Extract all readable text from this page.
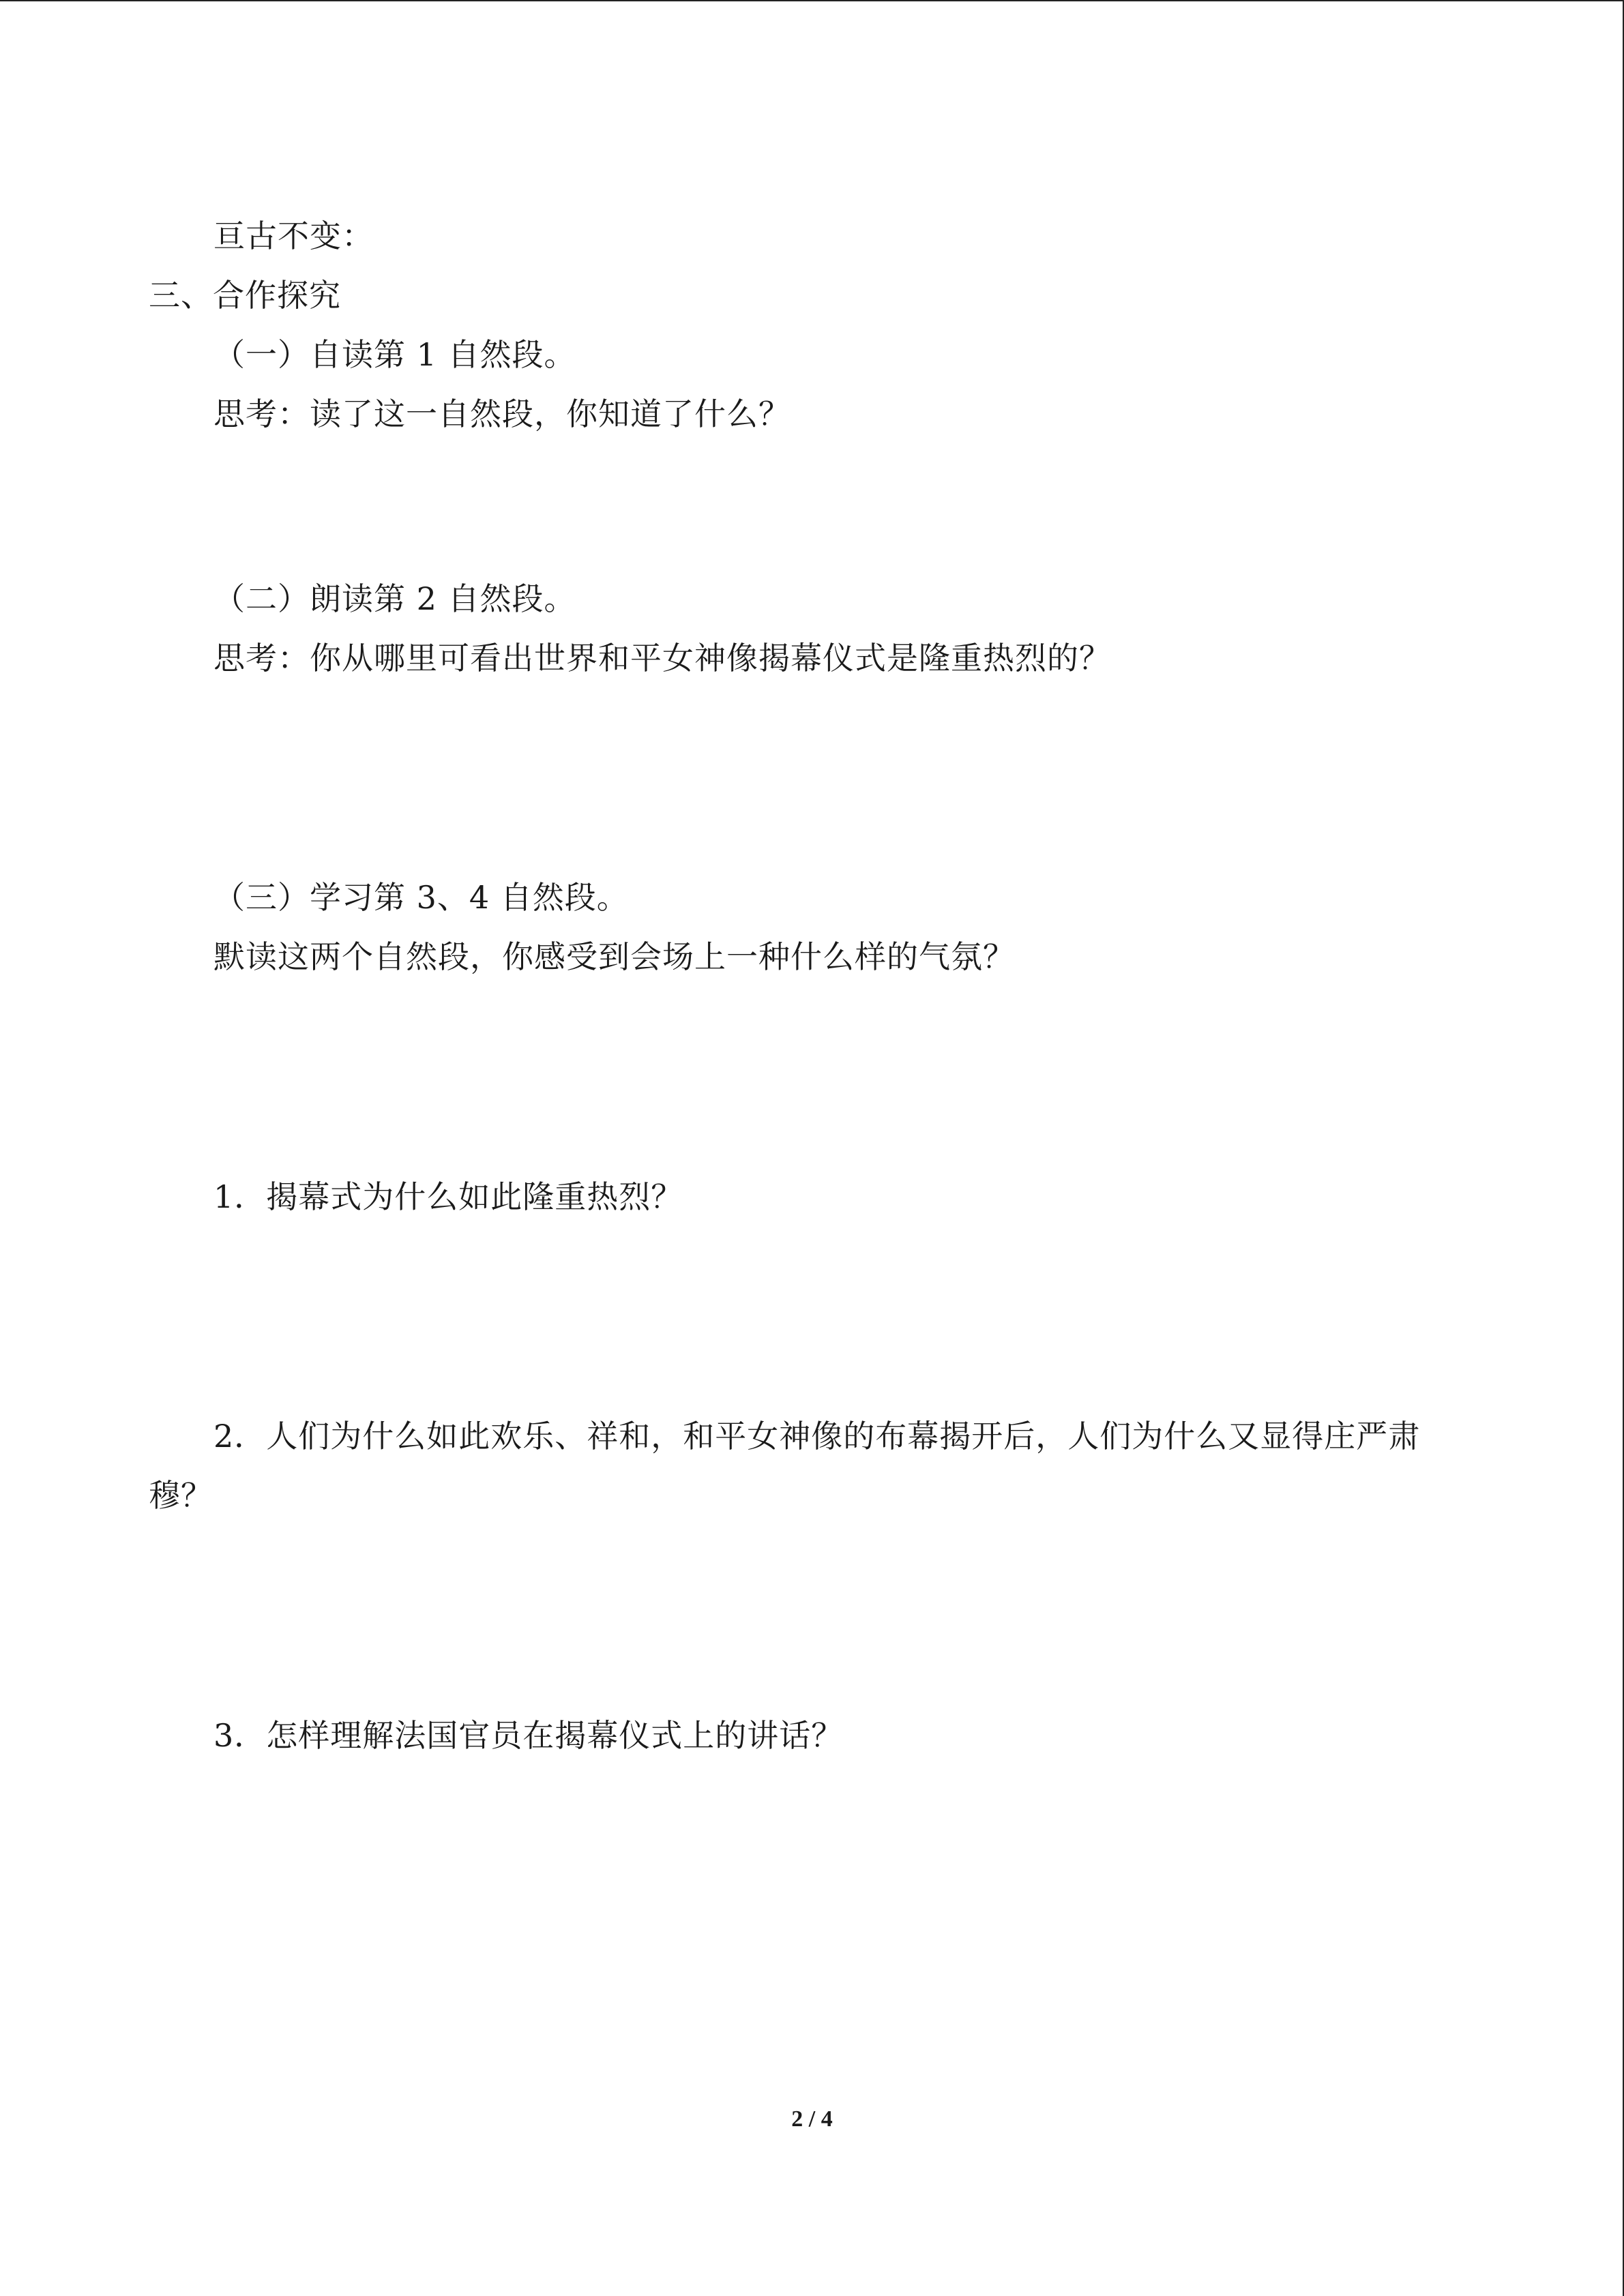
亘古不变：
三、合作探究
（一）自读第 1 自然段。
思考：读了这一自然段，你知道了什么？
（二）朗读第 2 自然段。
思考：你从哪里可看出世界和平女神像揭幕仪式是隆重热烈的？
（三）学习第 3、4 自然段。
默读这两个自然段，你感受到会场上一种什么样的气氛？
1．揭幕式为什么如此隆重热烈？
2．人们为什么如此欢乐、祥和，和平女神像的布幕揭开后，人们为什么又显得庄严肃
穆？
3．怎样理解法国官员在揭幕仪式上的讲话？
2 / 4
